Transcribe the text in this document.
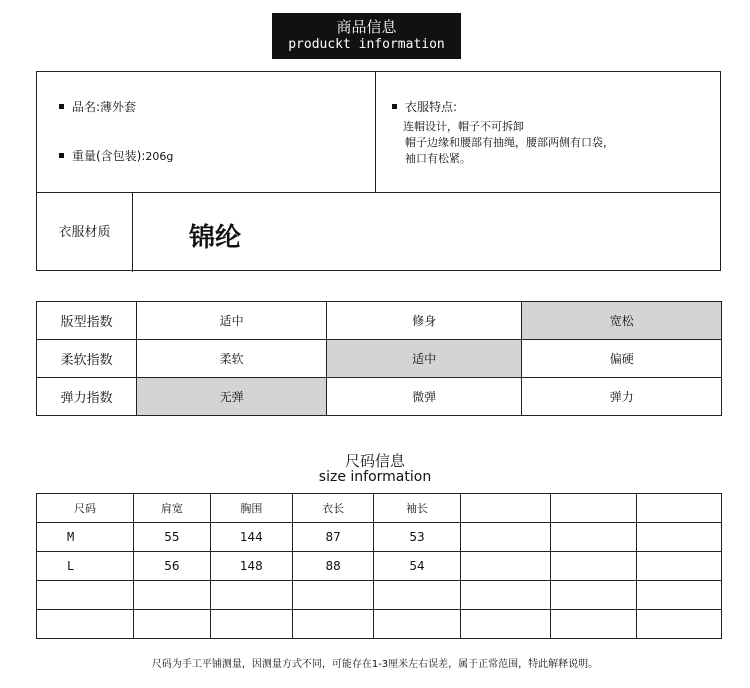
商品信息
produckt information
品名:薄外套
重量(含包装):206g
衣服特点:
连帽设计，帽子不可拆卸
帽子边缘和腰部有抽绳，腰部两侧有口袋，
袖口有松紧。
衣服材质	锦纶
版型指数	适中	修身	宽松
柔软指数	柔软	适中	偏硬
弹力指数	无弹	微弹	弹力
尺码信息
size information
尺码	肩宽	胸围	衣长	袖长			
M	55	144	87	53			
L	56	148	88	54			

尺码为手工平铺测量，因测量方式不同，可能存在1-3厘米左右误差，属于正常范围，特此解释说明。
